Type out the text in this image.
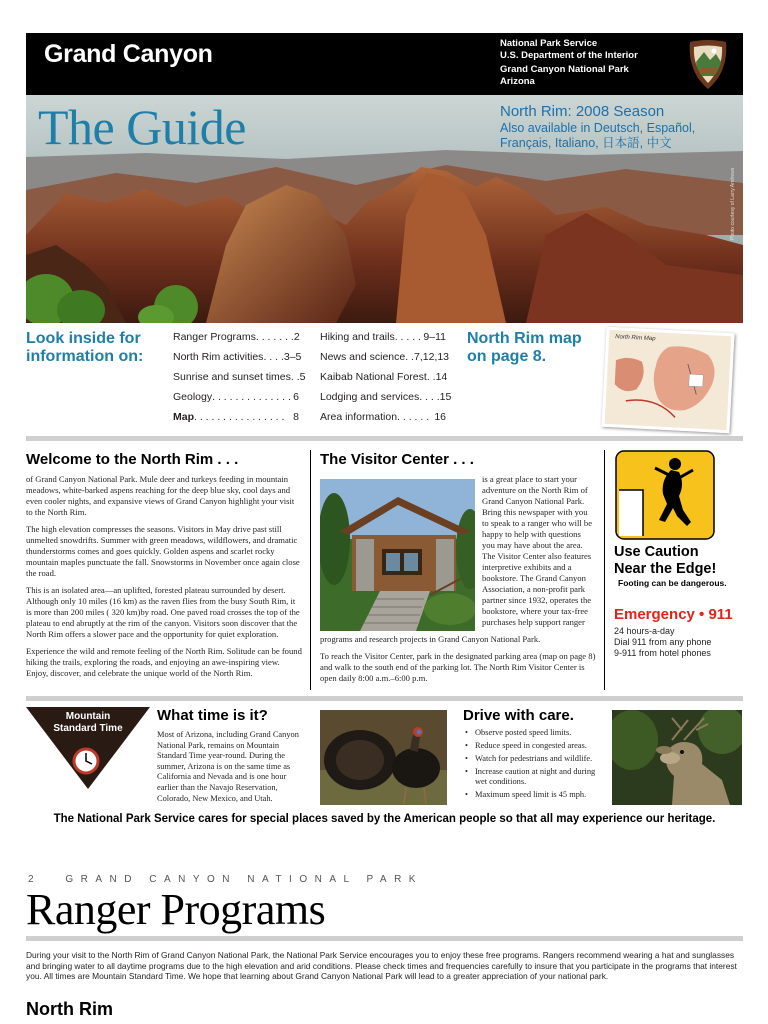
Grand Canyon	National Park Service
U.S. Department of the Interior
Grand Canyon National Park
Arizona
The Guide	North Rim: 2008 Season
Also available in Deutsch, Español, Français, Italiano, 日本語, 中文
Photo courtesy of Larry Andrews
Look inside for information on:
Ranger Programs . . . . . . . 2
North Rim activities . . . . 3–5
Sunrise and sunset times . . 5
Geology . . . . . . . . . . . . . . 6
Map . . . . . . . . . . . . . . . . 8
Hiking and trails . . . . . 9–11
News and science . . 7,12,13
Kaibab National Forest . . 14
Lodging and services . . . . 15
Area information . . . . . . 16
North Rim map on page 8.
North Rim Map
Welcome to the North Rim . . .

of Grand Canyon National Park. Mule deer and turkeys feeding in mountain meadows, white-barked aspens reaching for the deep blue sky, cool days and even cooler nights, and expansive views of Grand Canyon highlight your visit to the North Rim.

The high elevation compresses the seasons. Visitors in May drive past still unmelted snowdrifts. Summer with green meadows, wildflowers, and dramatic thunderstorms comes and goes quickly. Golden aspens and scarlet rocky mountain maples punctuate the fall. Snowstorms in November once again close the road.

This is an isolated area—an uplifted, forested plateau surrounded by desert. Although only 10 miles (16 km) as the raven flies from the busy South Rim, it is more than 200 miles ( 320 km)by road. One paved road crosses the top of the plateau to end abruptly at the rim of the canyon. Visitors soon discover that the North Rim offers a slower pace and the opportunity for quiet exploration.

Experience the wild and remote feeling of the North Rim. Solitude can be found hiking the trails, exploring the roads, and enjoying an awe-inspiring view. Enjoy, discover, and celebrate the unique world of the North Rim.

The Visitor Center . . .
is a great place to start your adventure on the North Rim of Grand Canyon National Park. Bring this newspaper with you to speak to a ranger who will be happy to help with questions you may have about the area. The Visitor Center also features interpretive exhibits and a bookstore. The Grand Canyon Association, a non-profit park partner since 1932, operates the bookstore, where your tax-free purchases help support ranger

programs and research projects in Grand Canyon National Park.

To reach the Visitor Center, park in the designated parking area (map on page 8) and walk to the south end of the parking lot. The North Rim Visitor Center is open daily 8:00 a.m.–6:00 p.m.

Use Caution
Near the Edge!
Footing can be dangerous.
Emergency • 911
24 hours-a-day
Dial 911 from any phone
9-911 from hotel phones
Mountain
Standard Time
What time is it?
Most of Arizona, including Grand Canyon National Park, remains on Mountain Standard Time year-round. During the summer, Arizona is on the same time as California and Nevada and is one hour earlier than the Navajo Reservation, Colorado, New Mexico, and Utah.
Drive with care.
• Observe posted speed limits.
• Reduce speed in congested areas.
• Watch for pedestrians and wildlife.
• Increase caution at night and during wet conditions.
• Maximum speed limit is 45 mph.
The National Park Service cares for special places saved by the American people so that all may experience our heritage.
2 GRAND CANYON NATIONAL PARK
Ranger Programs
During your visit to the North Rim of Grand Canyon National Park, the National Park Service encourages you to enjoy these free programs. Rangers recommend wearing a hat and sunglasses and bringing water to all daytime programs due to the high elevation and arid conditions. Please check times and frequencies carefully to insure that you participate in the programs that interest you. All times are Mountain Standard Time. We hope that learning about Grand Canyon National Park will lead to a greater appreciation of your national park.
North Rim
